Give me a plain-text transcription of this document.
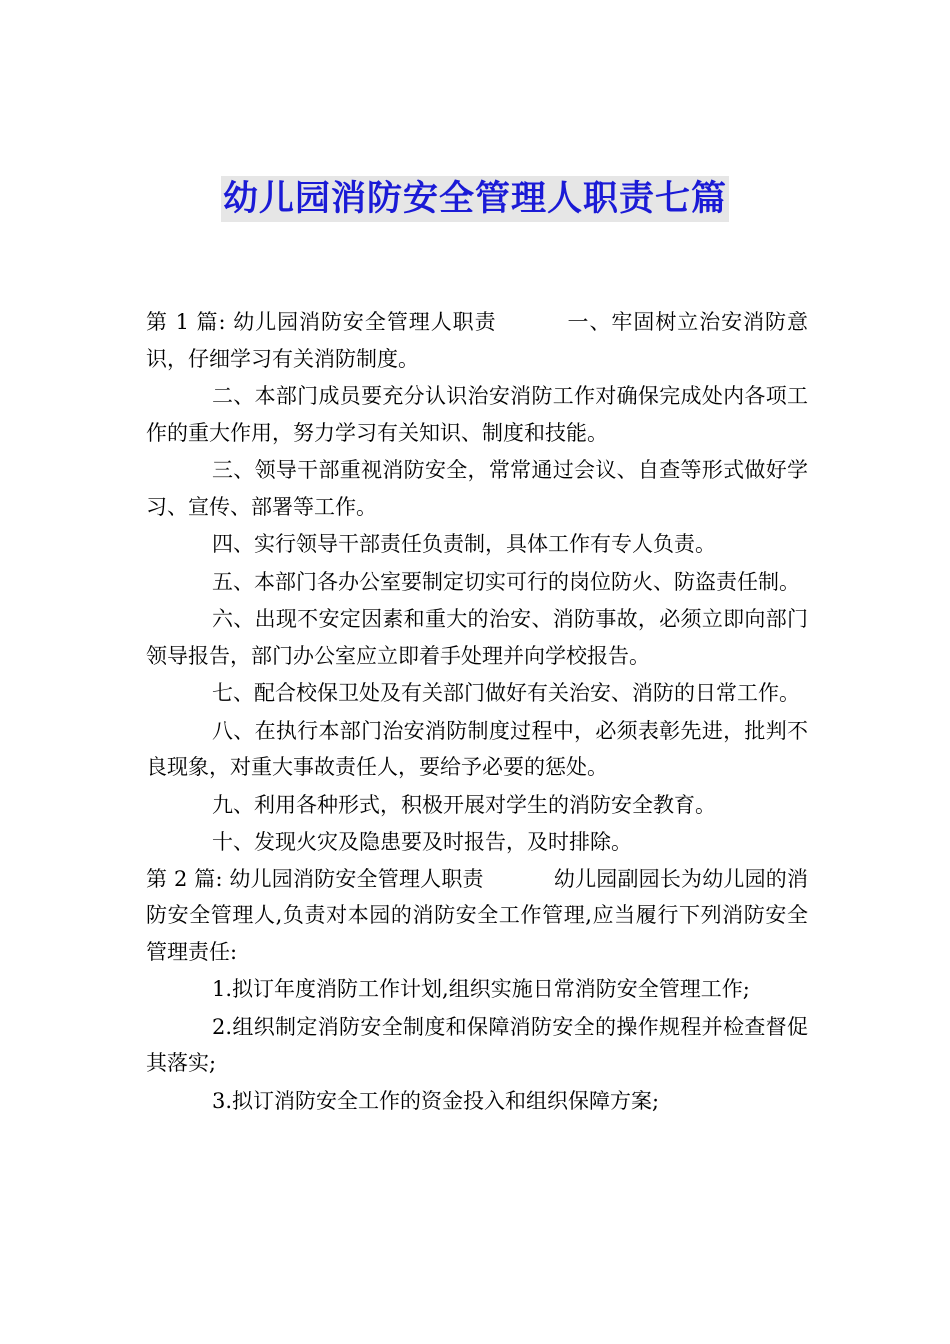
幼儿园消防安全管理人职责七篇

第 1 篇: 幼儿园消防安全管理人职责	一、牢固树立治安消防意识，仔细学习有关消防制度。

二、本部门成员要充分认识治安消防工作对确保完成处内各项工作的重大作用，努力学习有关知识、制度和技能。

三、领导干部重视消防安全，常常通过会议、自查等形式做好学习、宣传、部署等工作。

四、实行领导干部责任负责制，具体工作有专人负责。

五、本部门各办公室要制定切实可行的岗位防火、防盗责任制。

六、出现不安定因素和重大的治安、消防事故，必须立即向部门领导报告，部门办公室应立即着手处理并向学校报告。

七、配合校保卫处及有关部门做好有关治安、消防的日常工作。

八、在执行本部门治安消防制度过程中，必须表彰先进，批判不良现象，对重大事故责任人，要给予必要的惩处。

九、利用各种形式，积极开展对学生的消防安全教育。

十、发现火灾及隐患要及时报告，及时排除。

第 2 篇: 幼儿园消防安全管理人职责	幼儿园副园长为幼儿园的消防安全管理人,负责对本园的消防安全工作管理,应当履行下列消防安全管理责任:

1.拟订年度消防工作计划,组织实施日常消防安全管理工作;

2.组织制定消防安全制度和保障消防安全的操作规程并检查督促其落实;

3.拟订消防安全工作的资金投入和组织保障方案;
